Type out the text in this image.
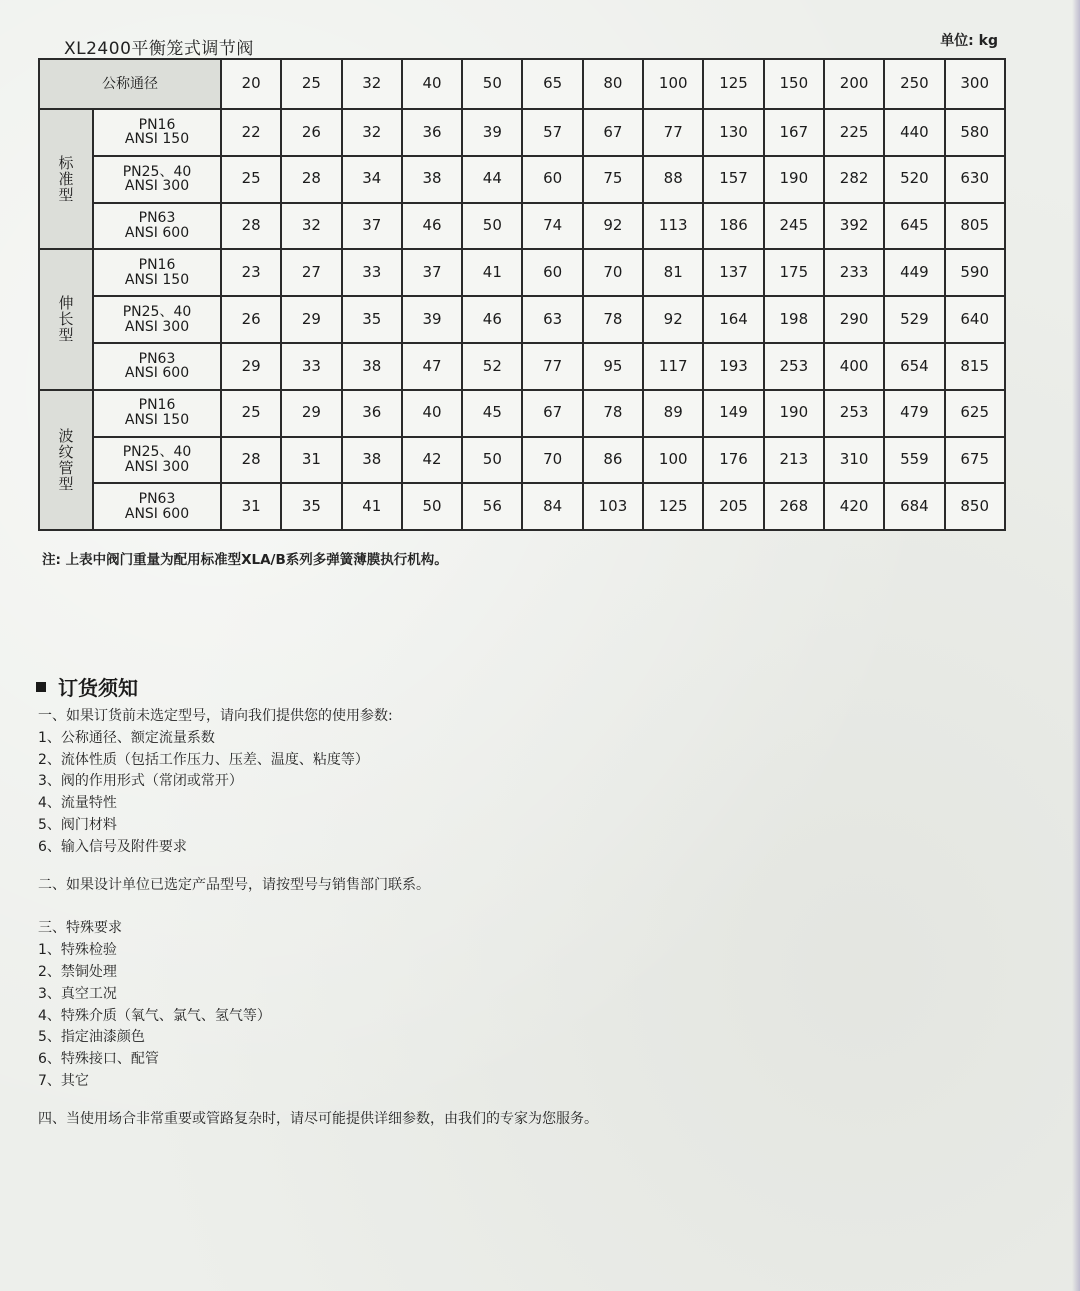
XL2400平衡笼式调节阀	单位: kg
公称通径		20	25	32	40	50	65	80	100	125	150	200	250	300
标准型	PN16
ANSI 150	22	26	32	36	39	57	67	77	130	167	225	440	580

	PN25、40
ANSI 300	25	28	34	38	44	60	75	88	157	190	282	520	630

	PN63
ANSI 600	28	32	37	46	50	74	92	113	186	245	392	645	805
伸长型	PN16
ANSI 150	23	27	33	37	41	60	70	81	137	175	233	449	590

	PN25、40
ANSI 300	26	29	35	39	46	63	78	92	164	198	290	529	640

	PN63
ANSI 600	29	33	38	47	52	77	95	117	193	253	400	654	815
波纹管型	PN16
ANSI 150	25	29	36	40	45	67	78	89	149	190	253	479	625

	PN25、40
ANSI 300	28	31	38	42	50	70	86	100	176	213	310	559	675

	PN63
ANSI 600	31	35	41	50	56	84	103	125	205	268	420	684	850
注: 上表中阀门重量为配用标准型XLA/B系列多弹簧薄膜执行机构。
订货须知
一、如果订货前未选定型号，请向我们提供您的使用参数:
1、公称通径、额定流量系数
2、流体性质（包括工作压力、压差、温度、粘度等）
3、阀的作用形式（常闭或常开）
4、流量特性
5、阀门材料
6、输入信号及附件要求
二、如果设计单位已选定产品型号，请按型号与销售部门联系。
三、特殊要求
1、特殊检验
2、禁铜处理
3、真空工况
4、特殊介质（氧气、氯气、氢气等）
5、指定油漆颜色
6、特殊接口、配管
7、其它
四、当使用场合非常重要或管路复杂时，请尽可能提供详细参数，由我们的专家为您服务。
